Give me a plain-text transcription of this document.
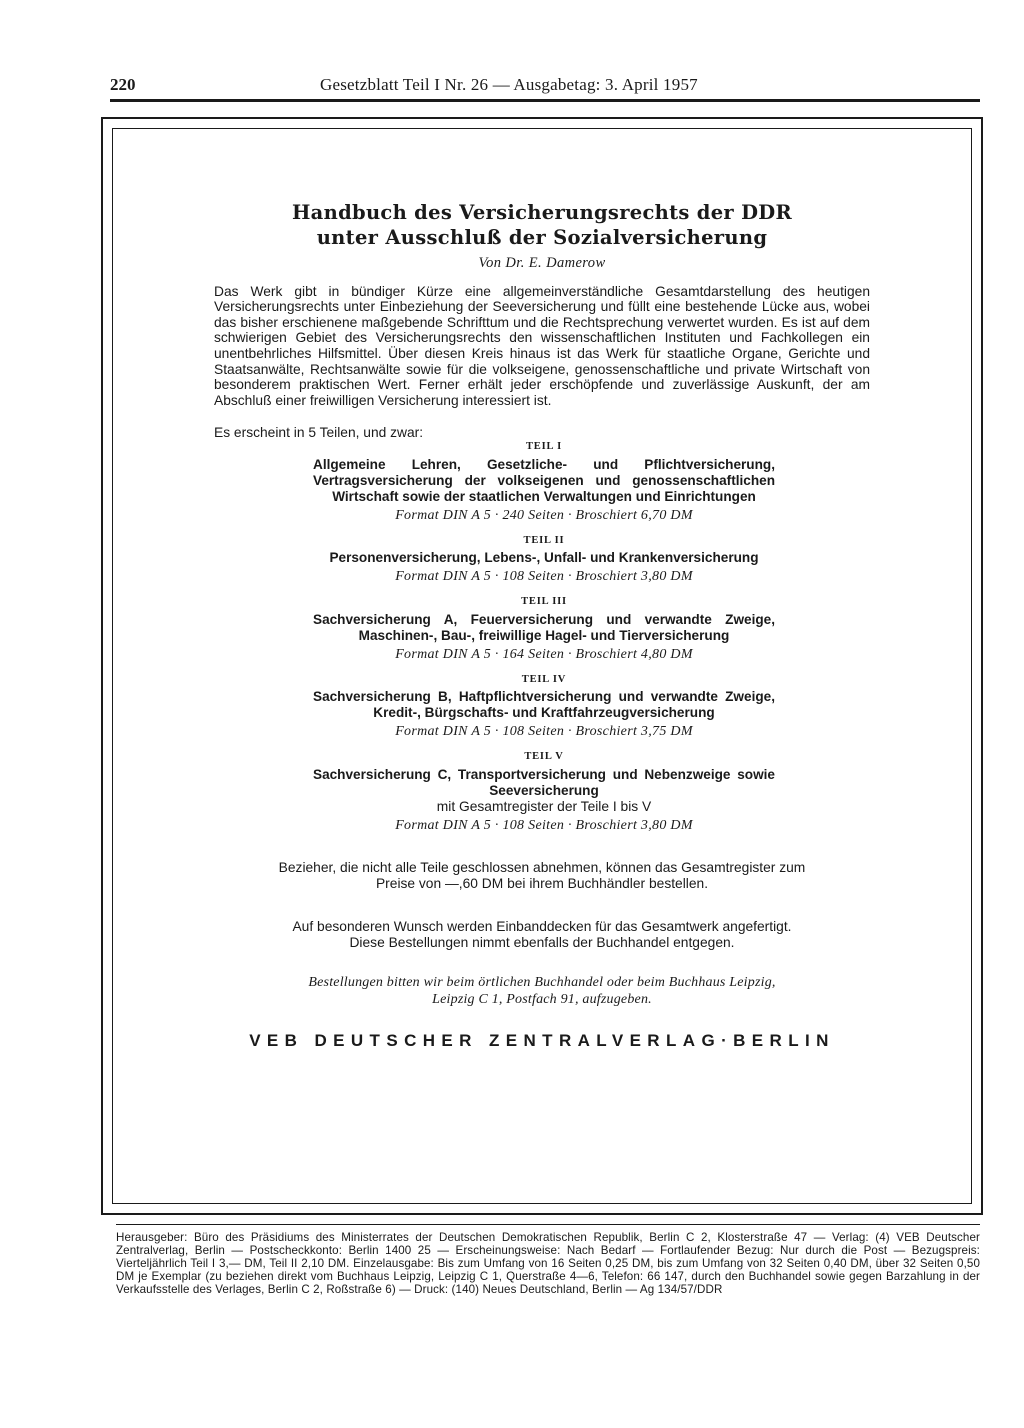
220	Gesetzblatt Teil I Nr. 26 — Ausgabetag: 3. April 1957
Handbuch des Versicherungsrechts der DDR
unter Ausschluß der Sozialversicherung
Von Dr. E. Damerow
Das Werk gibt in bündiger Kürze eine allgemeinverständliche Gesamtdarstellung des heutigen Versicherungsrechts unter Einbeziehung der Seeversicherung und füllt eine bestehende Lücke aus, wobei das bisher erschienene maßgebende Schrifttum und die Rechtsprechung verwertet wurden. Es ist auf dem schwierigen Gebiet des Versicherungsrechts den wissenschaftlichen Instituten und Fachkollegen ein unentbehrliches Hilfsmittel. Über diesen Kreis hinaus ist das Werk für staatliche Organe, Gerichte und Staatsanwälte, Rechtsanwälte sowie für die volkseigene, genossenschaftliche und private Wirtschaft von besonderem praktischen Wert. Ferner erhält jeder erschöpfende und zuverlässige Auskunft, der am Abschluß einer freiwilligen Versicherung interessiert ist.
Es erscheint in 5 Teilen, und zwar:
TEIL I
Allgemeine Lehren, Gesetzliche- und Pflichtversicherung, Vertragsversicherung der volkseigenen und genossenschaftlichen Wirtschaft sowie der staatlichen Verwaltungen und Einrichtungen
Format DIN A 5 · 240 Seiten · Broschiert 6,70 DM
TEIL II
Personenversicherung, Lebens-, Unfall- und Krankenversicherung
Format DIN A 5 · 108 Seiten · Broschiert 3,80 DM
TEIL III
Sachversicherung A, Feuerversicherung und verwandte Zweige, Maschinen-, Bau-, freiwillige Hagel- und Tierversicherung
Format DIN A 5 · 164 Seiten · Broschiert 4,80 DM
TEIL IV
Sachversicherung B, Haftpflichtversicherung und verwandte Zweige, Kredit-, Bürgschafts- und Kraftfahrzeugversicherung
Format DIN A 5 · 108 Seiten · Broschiert 3,75 DM
TEIL V
Sachversicherung C, Transportversicherung und Nebenzweige sowie Seeversicherung
mit Gesamtregister der Teile I bis V
Format DIN A 5 · 108 Seiten · Broschiert 3,80 DM
Bezieher, die nicht alle Teile geschlossen abnehmen, können das Gesamtregister zum
Preise von —,60 DM bei ihrem Buchhändler bestellen.
Auf besonderen Wunsch werden Einbanddecken für das Gesamtwerk angefertigt.
Diese Bestellungen nimmt ebenfalls der Buchhandel entgegen.
Bestellungen bitten wir beim örtlichen Buchhandel oder beim Buchhaus Leipzig,
Leipzig C 1, Postfach 91, aufzugeben.
VEB DEUTSCHER ZENTRALVERLAG·BERLIN
Herausgeber: Büro des Präsidiums des Ministerrates der Deutschen Demokratischen Republik, Berlin C 2, Klosterstraße 47 — Verlag: (4) VEB Deutscher Zentralverlag, Berlin — Postscheckkonto: Berlin 1400 25 — Erscheinungsweise: Nach Bedarf — Fortlaufender Bezug: Nur durch die Post — Bezugspreis: Vierteljährlich Teil I 3,— DM, Teil II 2,10 DM. Einzelausgabe: Bis zum Umfang von 16 Seiten 0,25 DM, bis zum Umfang von 32 Seiten 0,40 DM, über 32 Seiten 0,50 DM je Exemplar (zu beziehen direkt vom Buchhaus Leipzig, Leipzig C 1, Querstraße 4—6, Telefon: 66 147, durch den Buchhandel sowie gegen Barzahlung in der Verkaufsstelle des Verlages, Berlin C 2, Roßstraße 6) — Druck: (140) Neues Deutschland, Berlin — Ag 134/57/DDR
